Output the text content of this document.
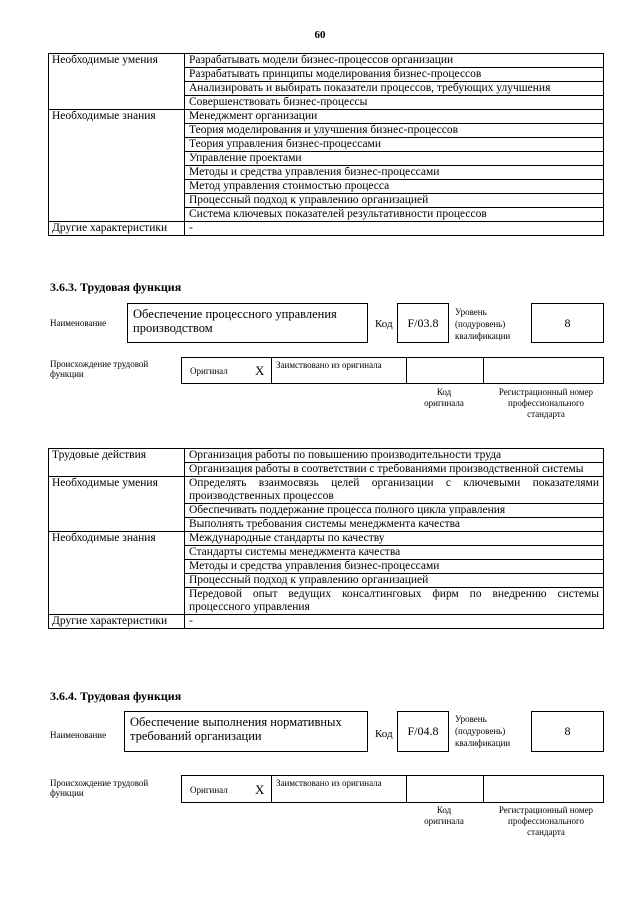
60
Необходимые умения	Разрабатывать модели бизнес-процессов организации
	Разрабатывать принципы моделирования бизнес-процессов
	Анализировать и выбирать показатели процессов, требующих улучшения
	Совершенствовать бизнес-процессы
Необходимые знания	Менеджмент организации
	Теория моделирования и улучшения бизнес-процессов
	Теория управления бизнес-процессами
	Управление проектами
	Методы и средства управления бизнес-процессами
	Метод управления стоимостью процесса
	Процессный подход к управлению организацией
	Система ключевых показателей результативности процессов
Другие характеристики	-
3.6.3. Трудовая функция
Наименование
Обеспечение процессного управления производством	Код	F/03.8
Уровень (подуровень) квалификации
8
Происхождение трудовой функции	Оригинал X Заимствовано из оригинала
Код оригинала
Регистрационный номер профессионального стандарта
Трудовые действия	Организация работы по повышению производительности труда
	Организация работы в соответствии с требованиями производственной системы
Необходимые умения	Определять взаимосвязь целей организации с ключевыми показателями производственных процессов
	Обеспечивать поддержание процесса полного цикла управления
	Выполнять требования системы менеджмента качества
Необходимые знания	Международные стандарты по качеству
	Стандарты системы менеджмента качества
	Методы и средства управления бизнес-процессами
	Процессный подход к управлению организацией
	Передовой опыт ведущих консалтинговых фирм по внедрению системы процессного управления
Другие характеристики	-
3.6.4. Трудовая функция
Наименование
Обеспечение выполнения нормативных требований организации	Код	F/04.8
Уровень (подуровень) квалификации
8
Происхождение трудовой функции	Оригинал X Заимствовано из оригинала
Код оригинала
Регистрационный номер профессионального стандарта
